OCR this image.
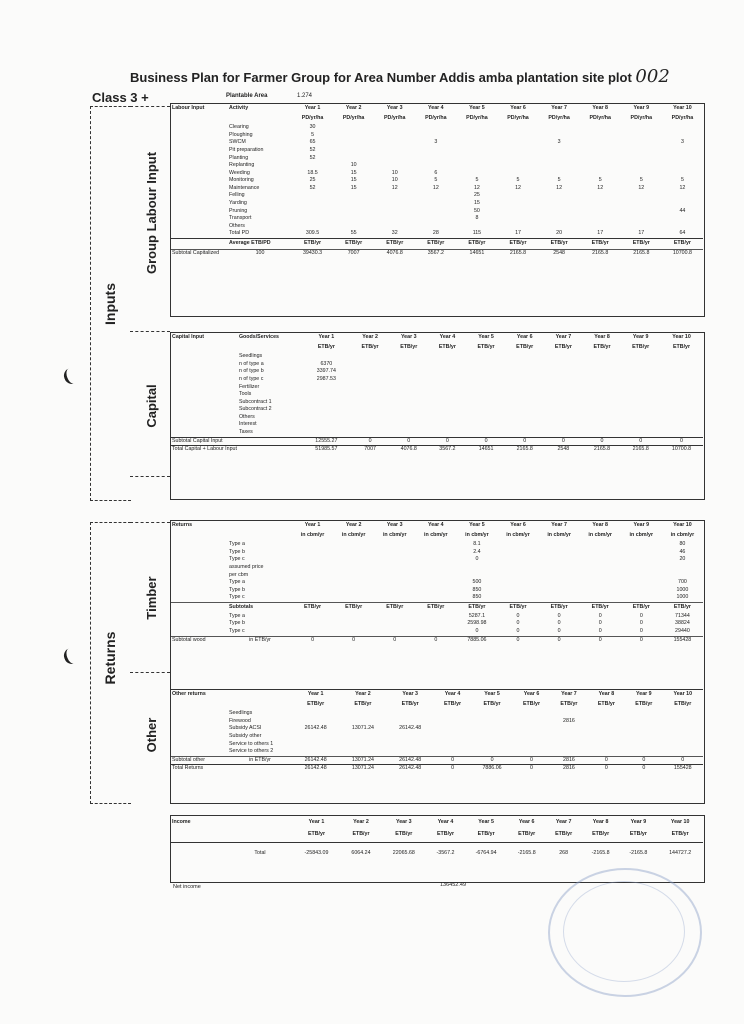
Business Plan for Farmer Group for Area Number Addis amba plantation site plot 002
Class 3 +	Plantable Area	1.274
Inputs
Returns
Group Labour Input
Capital
Timber
Other
Labour Input	Activity	Year 1	Year 2	Year 3	Year 4	Year 5	Year 6	Year 7	Year 8	Year 9	Year 10
		PD/yr/ha	PD/yr/ha	PD/yr/ha	PD/yr/ha	PD/yr/ha	PD/yr/ha	PD/yr/ha	PD/yr/ha	PD/yr/ha	PD/yr/ha
	Clearing	30									
	Ploughing	5									
	SWCM	65			3			3			3
	Pit preparation	52									
	Planting	52									
	Replanting		10								
	Weeding	18.5	15	10	6						
	Monitoring	25	15	10	5	5	5	5	5	5	5
	Maintenance	52	15	12	12	12	12	12	12	12	12
	Felling					25					
	Yarding					15					
	Pruning					50					44
	Transport					8					
	Others										
	Total PD	309.5	55	32	28	115	17	20	17	17	64
	Average ETB/PD	ETB/yr	ETB/yr	ETB/yr	ETB/yr	ETB/yr	ETB/yr	ETB/yr	ETB/yr	ETB/yr	ETB/yr
Subtotal Capitalized	100	39430.3	7007	4076.8	3567.2	14651	2165.8	2548	2165.8	2165.8	10700.8
Capital Input	Goods/Services	Year 1	Year 2	Year 3	Year 4	Year 5	Year 6	Year 7	Year 8	Year 9	Year 10
		ETB/yr	ETB/yr	ETB/yr	ETB/yr	ETB/yr	ETB/yr	ETB/yr	ETB/yr	ETB/yr	ETB/yr
	Seedlings										
	n of type a	6370									
	n of type b	3397.74									
	n of type c	2987.53									
	Fertilizer										
	Tools										
	Subcontract 1										
	Subcontract 2										
	Others										
	Interest										
	Taxes										
Subtotal Capital Input		12555.27	0	0	0	0	0	0	0	0	0
Total Capital + Labour Input		51985.57	7007	4076.8	3567.2	14651	2165.8	2548	2165.8	2165.8	10700.8
Returns		Year 1	Year 2	Year 3	Year 4	Year 5	Year 6	Year 7	Year 8	Year 9	Year 10
		in cbm/yr	in cbm/yr	in cbm/yr	in cbm/yr	in cbm/yr	in cbm/yr	in cbm/yr	in cbm/yr	in cbm/yr	in cbm/yr
	Type a					8.1					80
	Type b					2.4					46
	Type c					0					20
	assumed price										
	per cbm										
	Type a					500					700
	Type b					850					1000
	Type c					850					1000
	Subtotals	ETB/yr	ETB/yr	ETB/yr	ETB/yr	ETB/yr	ETB/yr	ETB/yr	ETB/yr	ETB/yr	ETB/yr
	Type a					5287.1	0	0	0	0	71344
	Type b					2598.98	0	0	0	0	38824
	Type c					0	0	0	0	0	29440
Subtotal wood	in ETB/yr	0	0	0	0	7885.06	0	0	0	0	155428
Other returns		Year 1	Year 2	Year 3	Year 4	Year 5	Year 6	Year 7	Year 8	Year 9	Year 10
		ETB/yr	ETB/yr	ETB/yr	ETB/yr	ETB/yr	ETB/yr	ETB/yr	ETB/yr	ETB/yr	ETB/yr
	Seedlings										
	Firewood							2816			
	Subsidy ACSI	26142.48	13071.24	26142.48							
	Subsidy other										
	Service to others 1										
	Service to others 2										
Subtotal other	in ETB/yr	26142.48	13071.24	26142.48	0	0	0	2816	0	0	0
Total Returns		26142.48	13071.24	26142.48	0	7886.06	0	2816	0	0	155428
Income		Year 1	Year 2	Year 3	Year 4	Year 5	Year 6	Year 7	Year 8	Year 9	Year 10
		ETB/yr	ETB/yr	ETB/yr	ETB/yr	ETB/yr	ETB/yr	ETB/yr	ETB/yr	ETB/yr	ETB/yr
	Total	-25843.09	6064.24	22065.68	-3567.2	-6764.94	-2165.8	268	-2165.8	-2165.8	144727.2
Net income	136452.49
